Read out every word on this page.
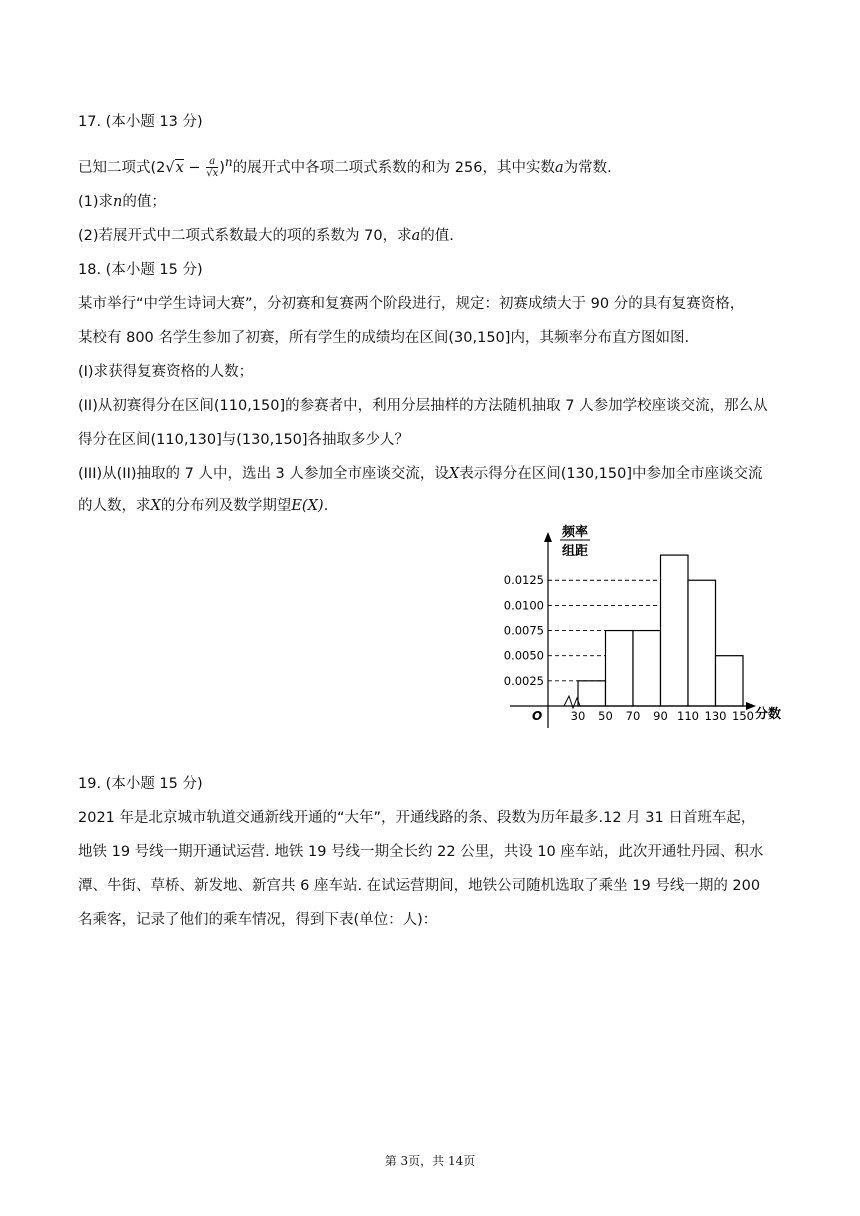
17. (本小题 13 分)
已知二项式$(2√x - \frac{a}{√x} )^n$的展开式中各项二项式系数的和为 256，其中实数a为常数.
(1)求n的值；
(2)若展开式中二项式系数最大的项的系数为 70，求a的值.
18. (本小题 15 分)
某市举行“中学生诗词大赛”，分初赛和复赛两个阶段进行，规定：初赛成绩大于 90 分的具有复赛资格，
某校有 800 名学生参加了初赛，所有学生的成绩均在区间(30,150]内，其频率分布直方图如图.
(I)求获得复赛资格的人数；
(II)从初赛得分在区间(110,150]的参赛者中，利用分层抽样的方法随机抽取 7 人参加学校座谈交流，那么从
得分在区间(110,130]与(130,150]各抽取多少人？
(III)从(II)抽取的 7 人中，选出 3 人参加全市座谈交流，设X表示得分在区间(130,150]中参加全市座谈交流
的人数，求X的分布列及数学期望E(X).
O
频率
组距
分数
0.0025
0.0050
0.0075
0.0100
0.0125
30 50 70 90 110 130 150
19. (本小题 15 分)
2021 年是北京城市轨道交通新线开通的“大年”，开通线路的条、段数为历年最多.12 月 31 日首班车起，
地铁 19 号线一期开通试运营. 地铁 19 号线一期全长约 22 公里，共设 10 座车站，此次开通牡丹园、积水
潭、牛街、草桥、新发地、新宫共 6 座车站. 在试运营期间，地铁公司随机选取了乘坐 19 号线一期的 200
名乘客，记录了他们的乘车情况，得到下表(单位：人)：
第 3页，共 14页
